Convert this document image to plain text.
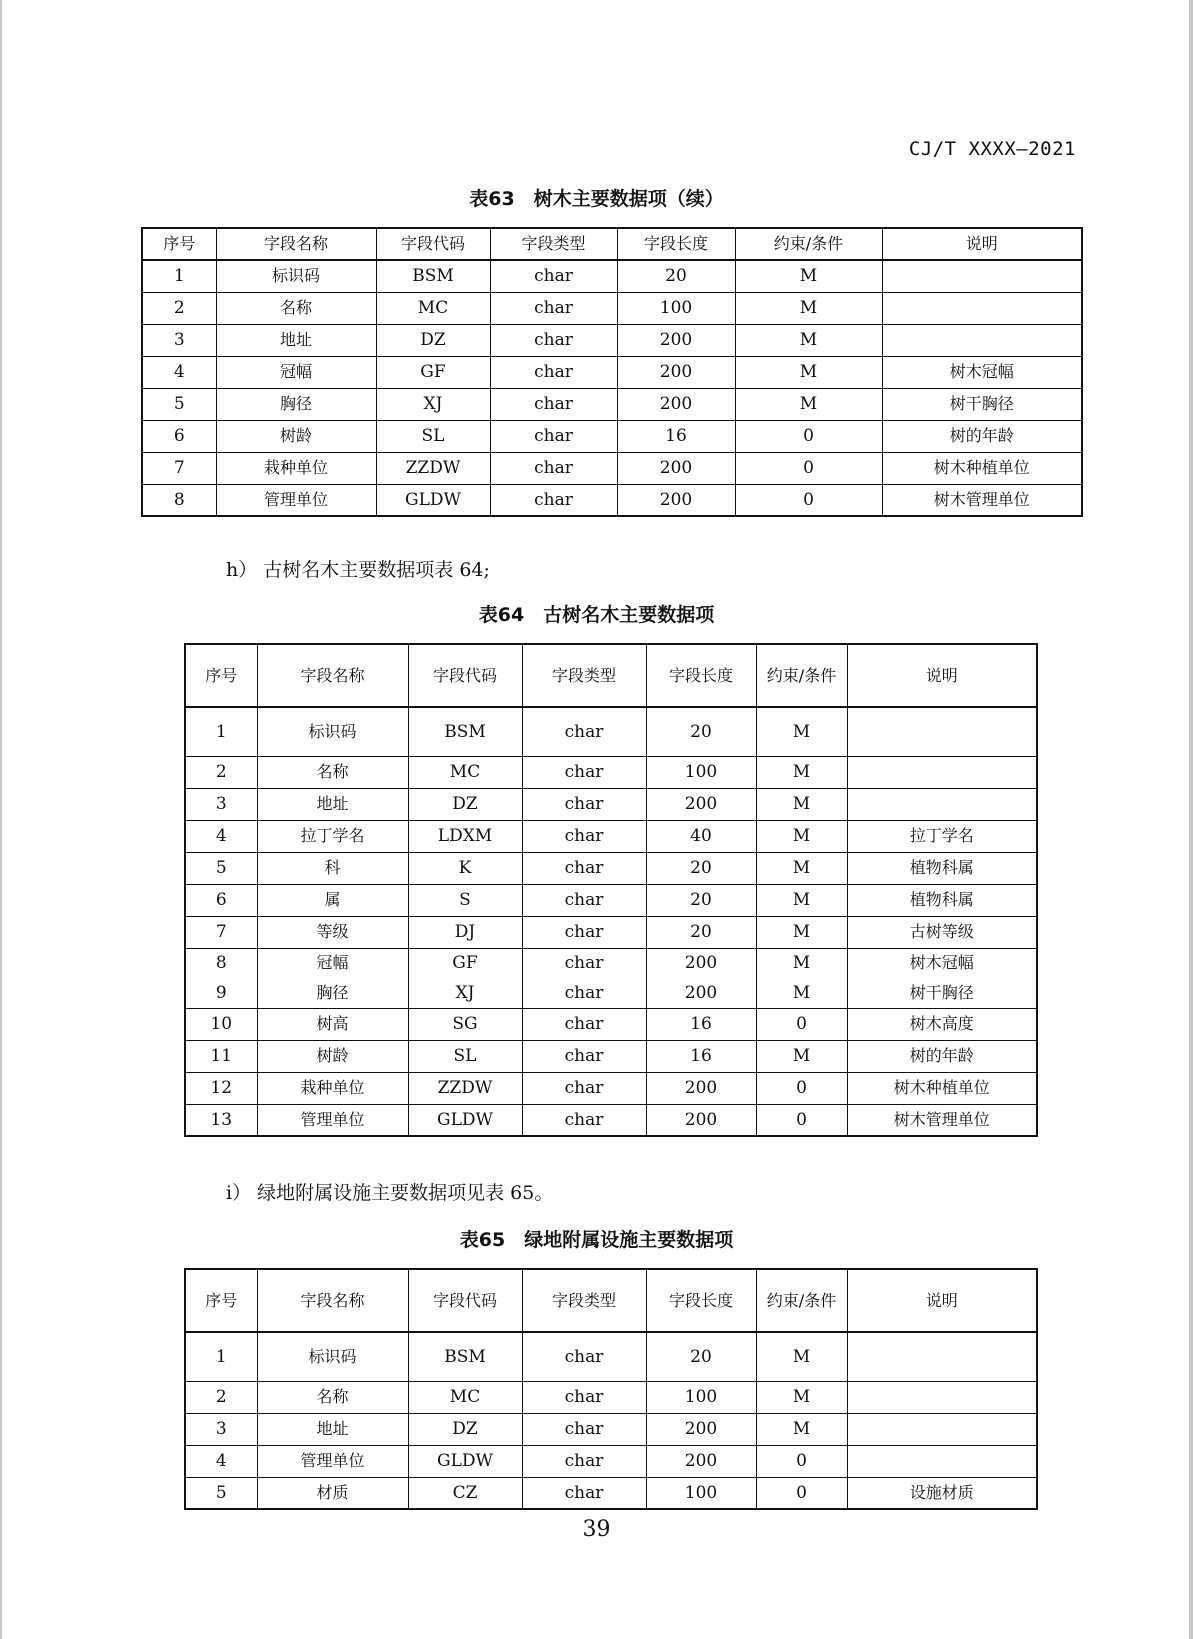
CJ/T XXXX—2021
表63　树木主要数据项（续）
序号	字段名称	字段代码	字段类型	字段长度	约束/条件	说明
1	标识码	BSM	char	20	M	
2	名称	MC	char	100	M	
3	地址	DZ	char	200	M	
4	冠幅	GF	char	200	M	树木冠幅
5	胸径	XJ	char	200	M	树干胸径
6	树龄	SL	char	16	0	树的年龄
7	栽种单位	ZZDW	char	200	0	树木种植单位
8	管理单位	GLDW	char	200	0	树木管理单位
h） 古树名木主要数据项表 64;
表64　古树名木主要数据项
序号	字段名称	字段代码	字段类型	字段长度	约束/条件	说明
1	标识码	BSM	char	20	M	
2	名称	MC	char	100	M	
3	地址	DZ	char	200	M	
4	拉丁学名	LDXM	char	40	M	拉丁学名
5	科	K	char	20	M	植物科属
6	属	S	char	20	M	植物科属
7	等级	DJ	char	20	M	古树等级
8	冠幅	GF	char	200	M	树木冠幅
9	胸径	XJ	char	200	M	树干胸径
10	树高	SG	char	16	0	树木高度
11	树龄	SL	char	16	M	树的年龄
12	栽种单位	ZZDW	char	200	0	树木种植单位
13	管理单位	GLDW	char	200	0	树木管理单位
i） 绿地附属设施主要数据项见表 65。
表65　绿地附属设施主要数据项
序号	字段名称	字段代码	字段类型	字段长度	约束/条件	说明
1	标识码	BSM	char	20	M	
2	名称	MC	char	100	M	
3	地址	DZ	char	200	M	
4	管理单位	GLDW	char	200	0	
5	材质	CZ	char	100	0	设施材质
39
